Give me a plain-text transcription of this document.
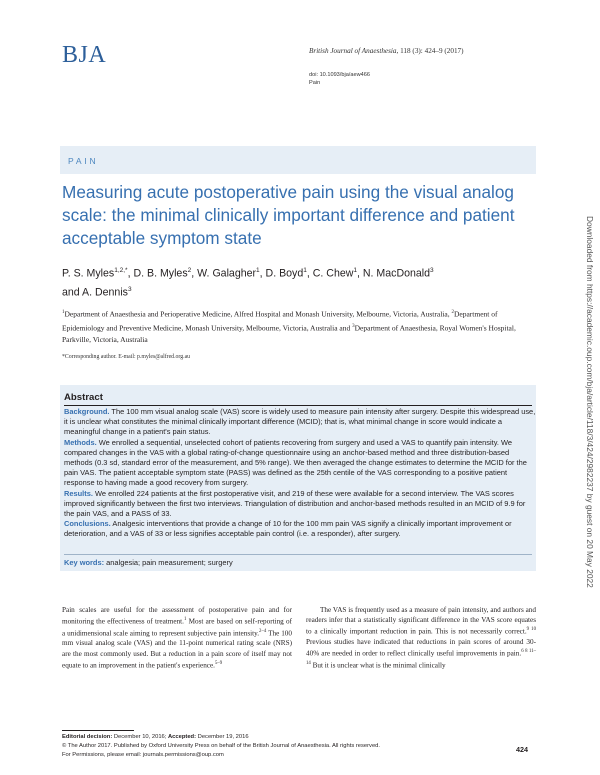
BJA	British Journal of Anaesthesia, 118 (3): 424–9 (2017)
doi: 10.1093/bja/aew466
Pain
PAIN
Measuring acute postoperative pain using the visual analog scale: the minimal clinically important difference and patient acceptable symptom state
P. S. Myles$^{1,2,*}$, D. B. Myles$^2$, W. Galagher$^1$, D. Boyd$^1$, C. Chew$^1$, N. MacDonald$^3$
and A. Dennis$^3$
$^1$Department of Anaesthesia and Perioperative Medicine, Alfred Hospital and Monash University, Melbourne, Victoria, Australia, $^2$Department of Epidemiology and Preventive Medicine, Monash University, Melbourne, Victoria, Australia and $^3$Department of Anaesthesia, Royal Women's Hospital, Parkville, Victoria, Australia
*Corresponding author. E-mail: p.myles@alfred.org.au
Abstract

Background. The 100 mm visual analog scale (VAS) score is widely used to measure pain intensity after surgery. Despite this widespread use, it is unclear what constitutes the minimal clinically important difference (MCID); that is, what minimal change in score would indicate a meaningful change in a patient's pain status.

Methods. We enrolled a sequential, unselected cohort of patients recovering from surgery and used a VAS to quantify pain intensity. We compared changes in the VAS with a global rating-of-change questionnaire using an anchor-based method and three distribution-based methods (0.3 sd, standard error of the measurement, and 5% range). We then averaged the change estimates to determine the MCID for the pain VAS. The patient acceptable symptom state (PASS) was defined as the 25th centile of the VAS corresponding to a positive patient response to having made a good recovery from surgery.

Results. We enrolled 224 patients at the first postoperative visit, and 219 of these were available for a second interview. The VAS scores improved significantly between the first two interviews. Triangulation of distribution and anchor-based methods resulted in an MCID of 9.9 for the pain VAS, and a PASS of 33.

Conclusions. Analgesic interventions that provide a change of 10 for the 100 mm pain VAS signify a clinically important improvement or deterioration, and a VAS of 33 or less signifies acceptable pain control (i.e. a responder), after surgery.

Key words: analgesia; pain measurement; surgery
Pain scales are useful for the assessment of postoperative pain and for monitoring the effectiveness of treatment.$^1$ Most are based on self-reporting of a unidimensional scale aiming to represent subjective pain intensity.$^{2-4}$ The 100 mm visual analog scale (VAS) and the 11-point numerical rating scale (NRS) are the most commonly used. But a reduction in a pain score of itself may not equate to an improvement in the patient's experience.$^{5-9}$
The VAS is frequently used as a measure of pain intensity, and authors and readers infer that a statistically significant difference in the VAS score equates to a clinically important reduction in pain. This is not necessarily correct.$^{9 10}$ Previous studies have indicated that reductions in pain scores of around 30-40% are needed in order to reflect clinically useful improvements in pain.$^{6 8 11-14}$ But it is unclear what is the minimal clinically
Editorial decision: December 10, 2016; Accepted: December 19, 2016
© The Author 2017. Published by Oxford University Press on behalf of the British Journal of Anaesthesia. All rights reserved.
For Permissions, please email: journals.permissions@oup.com
424
Downloaded from https://academic.oup.com/bja/article/118/3/424/2982237 by guest on 20 May 2022
